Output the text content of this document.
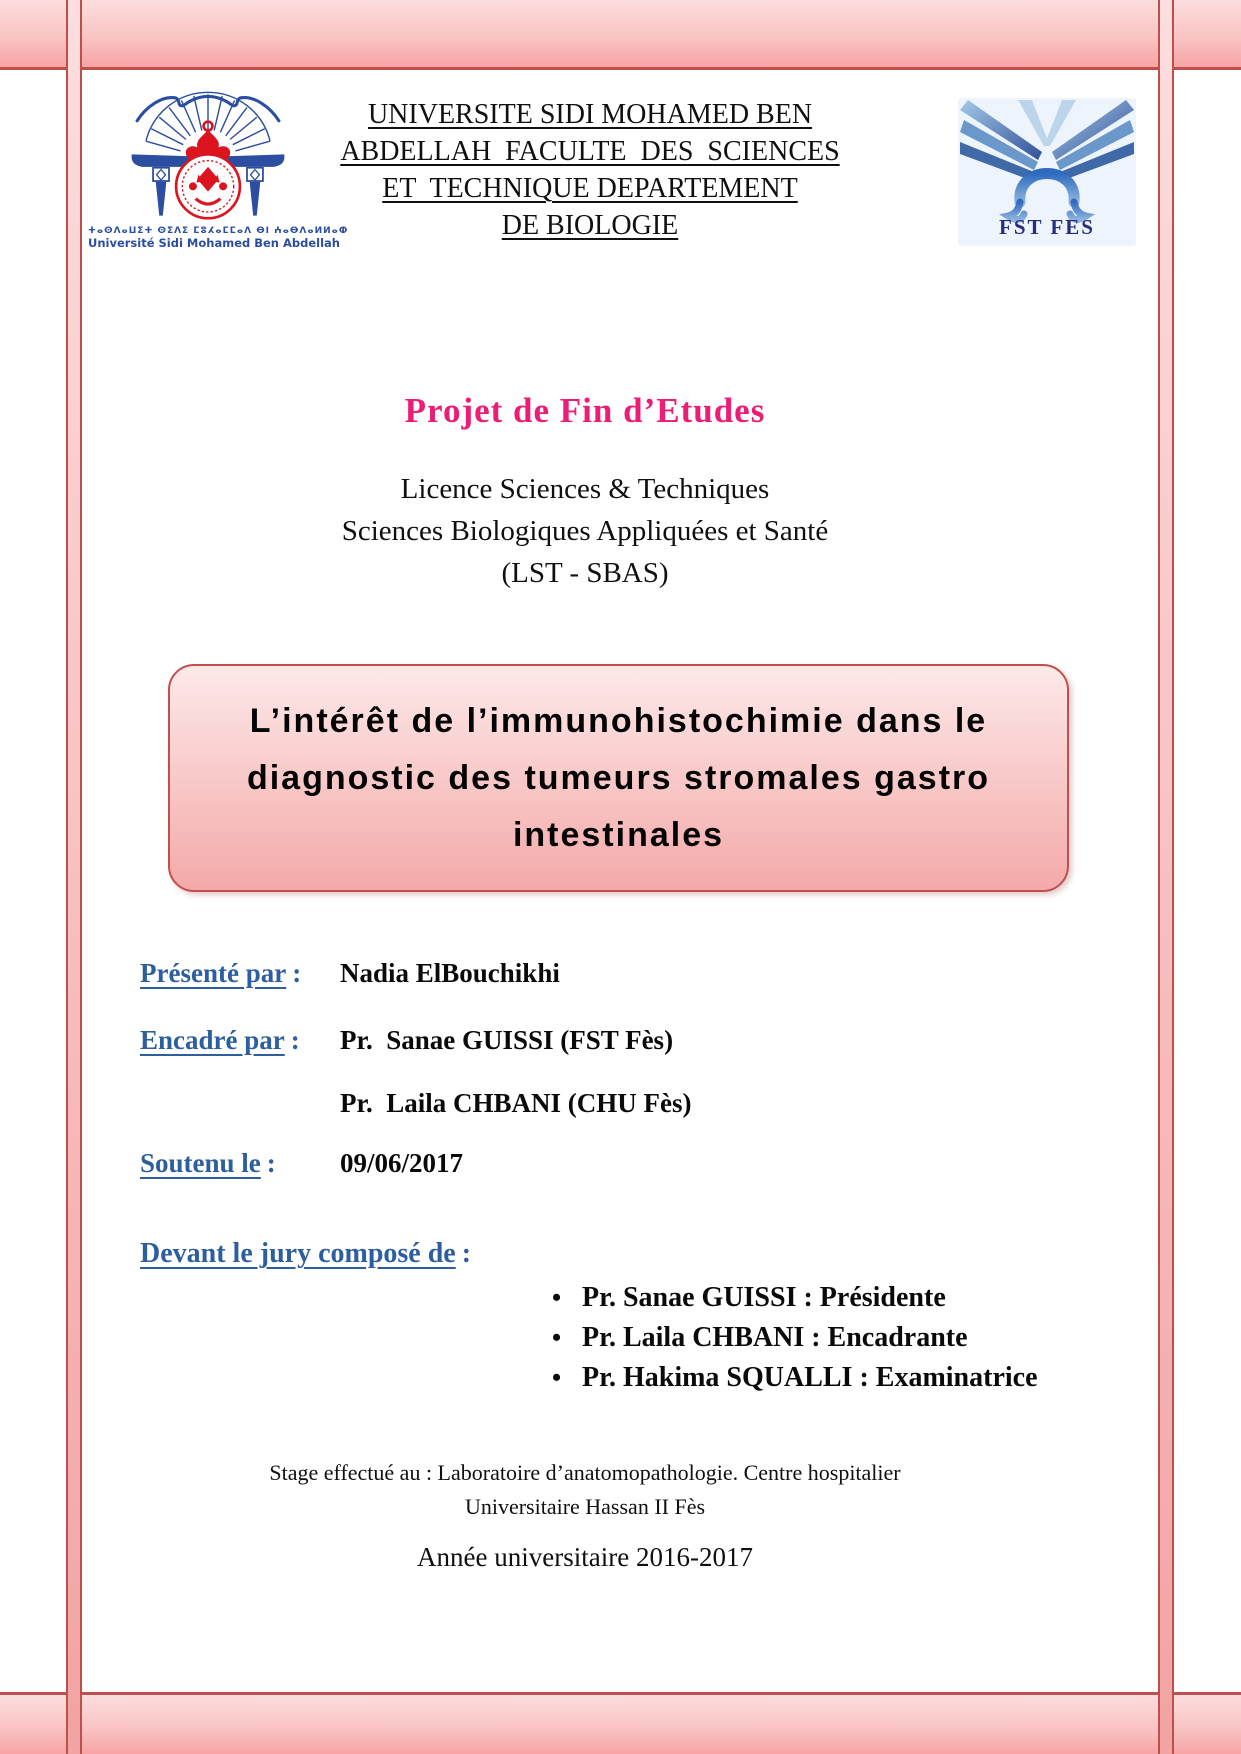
ⵜⴰⵙⴷⴰⵡⵉⵜ ⵙⵉⴷⵉ ⵎⵓⵃⴰⵎⵎⴰⴷ ⴱⵏ ⵄⴰⴱⴷⴰⵍⵍⴰⵀ
Université Sidi Mohamed Ben Abdellah
UNIVERSITE SIDI MOHAMED BEN
ABDELLAH  FACULTE  DES  SCIENCES
ET  TECHNIQUE DEPARTEMENT
DE BIOLOGIE	FST FES
Projet de Fin d’Etudes
Licence Sciences & Techniques
Sciences Biologiques Appliquées et Santé
(LST - SBAS)
L’intérêt de l’immunohistochimie dans le
diagnostic des tumeurs stromales gastro
intestinales
Présenté par : Nadia ElBouchikhi
Encadré par : Pr.  Sanae GUISSI (FST Fès)
Pr.  Laila CHBANI (CHU Fès)
Soutenu le : 09/06/2017
Devant le jury composé de :
• Pr. Sanae GUISSI : Présidente
• Pr. Laila CHBANI : Encadrante
• Pr. Hakima SQUALLI : Examinatrice
Stage effectué au : Laboratoire d’anatomopathologie. Centre hospitalier
Universitaire Hassan II Fès
Année universitaire 2016-2017
